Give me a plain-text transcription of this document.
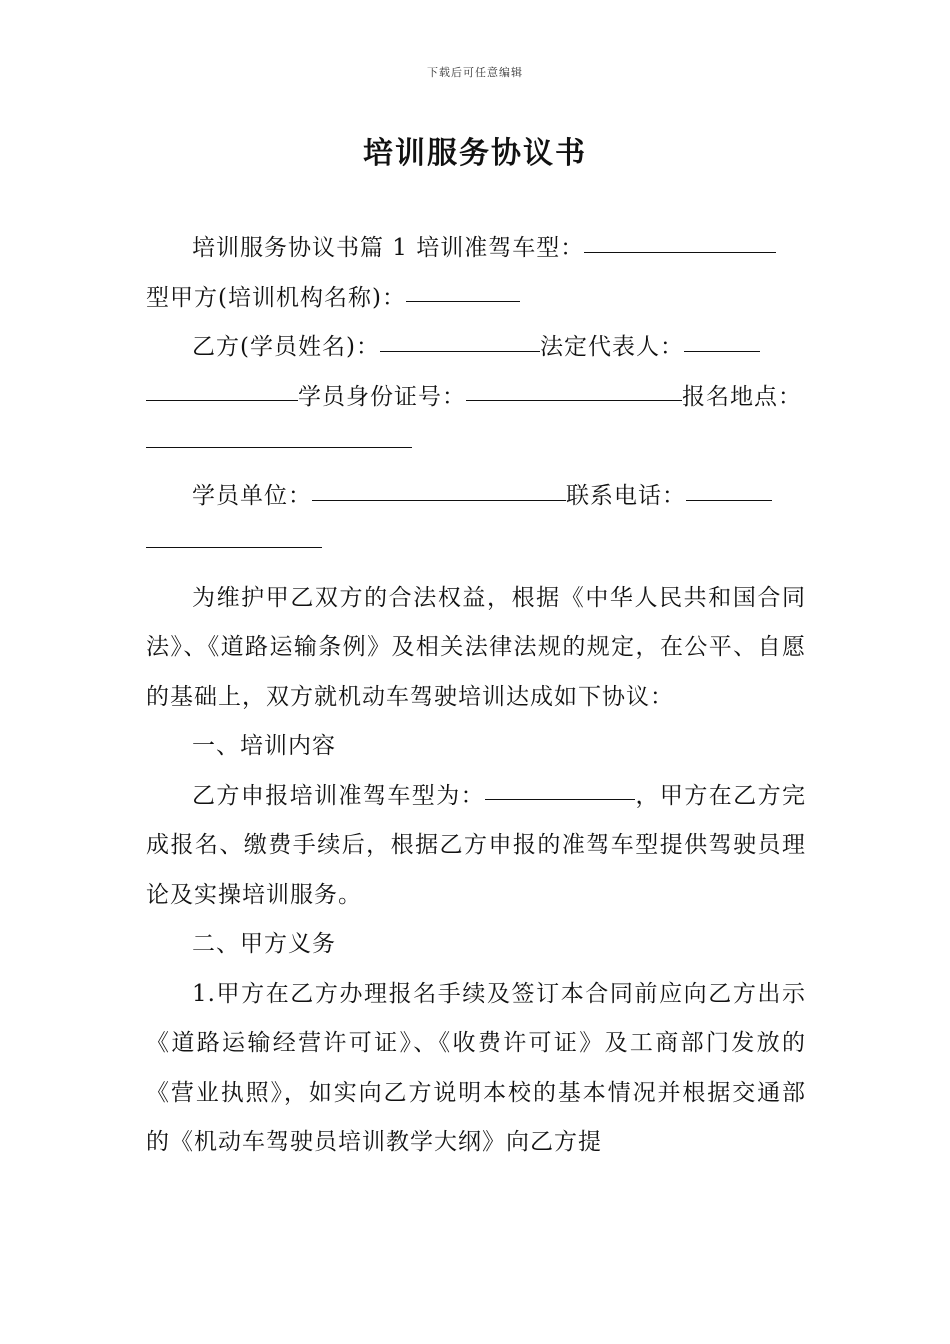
下载后可任意编辑
培训服务协议书

培训服务协议书篇 1 培训准驾车型：

型甲方(培训机构名称)：

乙方(学员姓名)：	法定代表人：

学员身份证号：	报名地点：

学员单位：	联系电话：

为维护甲乙双方的合法权益，根据《中华人民共和国合同法》、《道路运输条例》及相关法律法规的规定，在公平、自愿的基础上，双方就机动车驾驶培训达成如下协议：

一、培训内容

乙方申报培训准驾车型为：	，甲方在乙方完成报名、缴费手续后，根据乙方申报的准驾车型提供驾驶员理论及实操培训服务。

二、甲方义务

1.甲方在乙方办理报名手续及签订本合同前应向乙方出示《道路运输经营许可证》、《收费许可证》及工商部门发放的《营业执照》，如实向乙方说明本校的基本情况并根据交通部的《机动车驾驶员培训教学大纲》向乙方提
